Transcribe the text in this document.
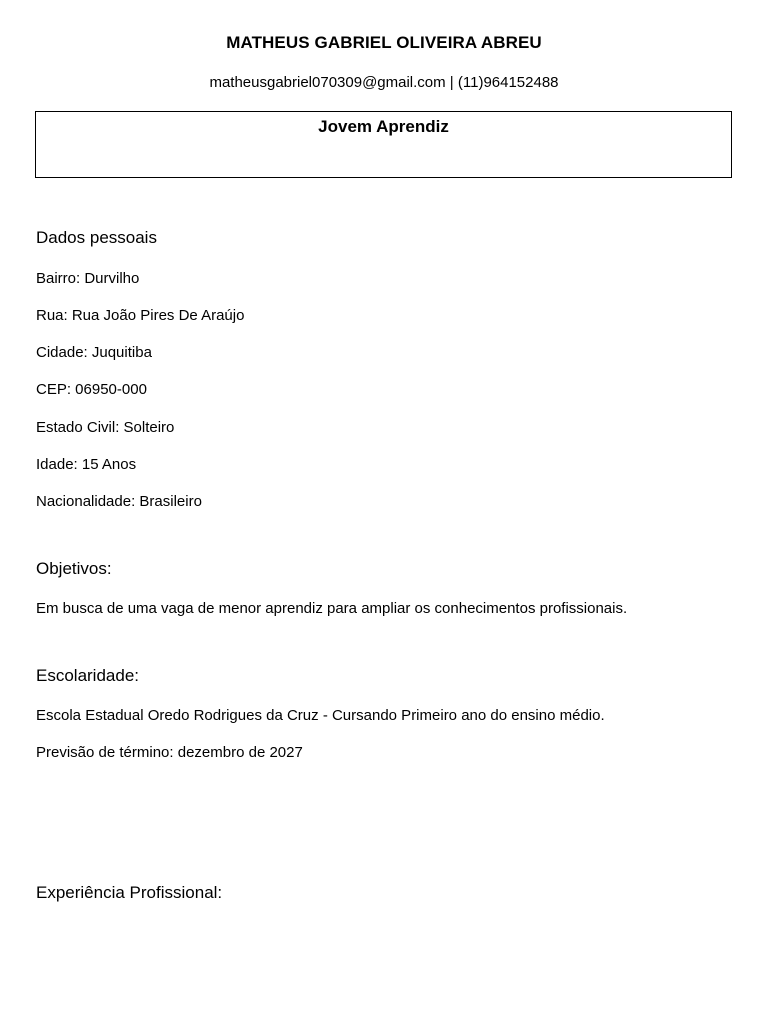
MATHEUS GABRIEL OLIVEIRA ABREU
matheusgabriel070309@gmail.com | (11)964152488
Jovem Aprendiz
Dados pessoais
Bairro: Durvilho
Rua: Rua João Pires De Araújo
Cidade: Juquitiba
CEP: 06950-000
Estado Civil: Solteiro
Idade: 15 Anos
Nacionalidade: Brasileiro
Objetivos:
Em busca de uma vaga de menor aprendiz para ampliar os conhecimentos profissionais.
Escolaridade:
Escola Estadual Oredo Rodrigues da Cruz - Cursando Primeiro ano do ensino médio.
Previsão de término: dezembro de 2027
Experiência Profissional:
